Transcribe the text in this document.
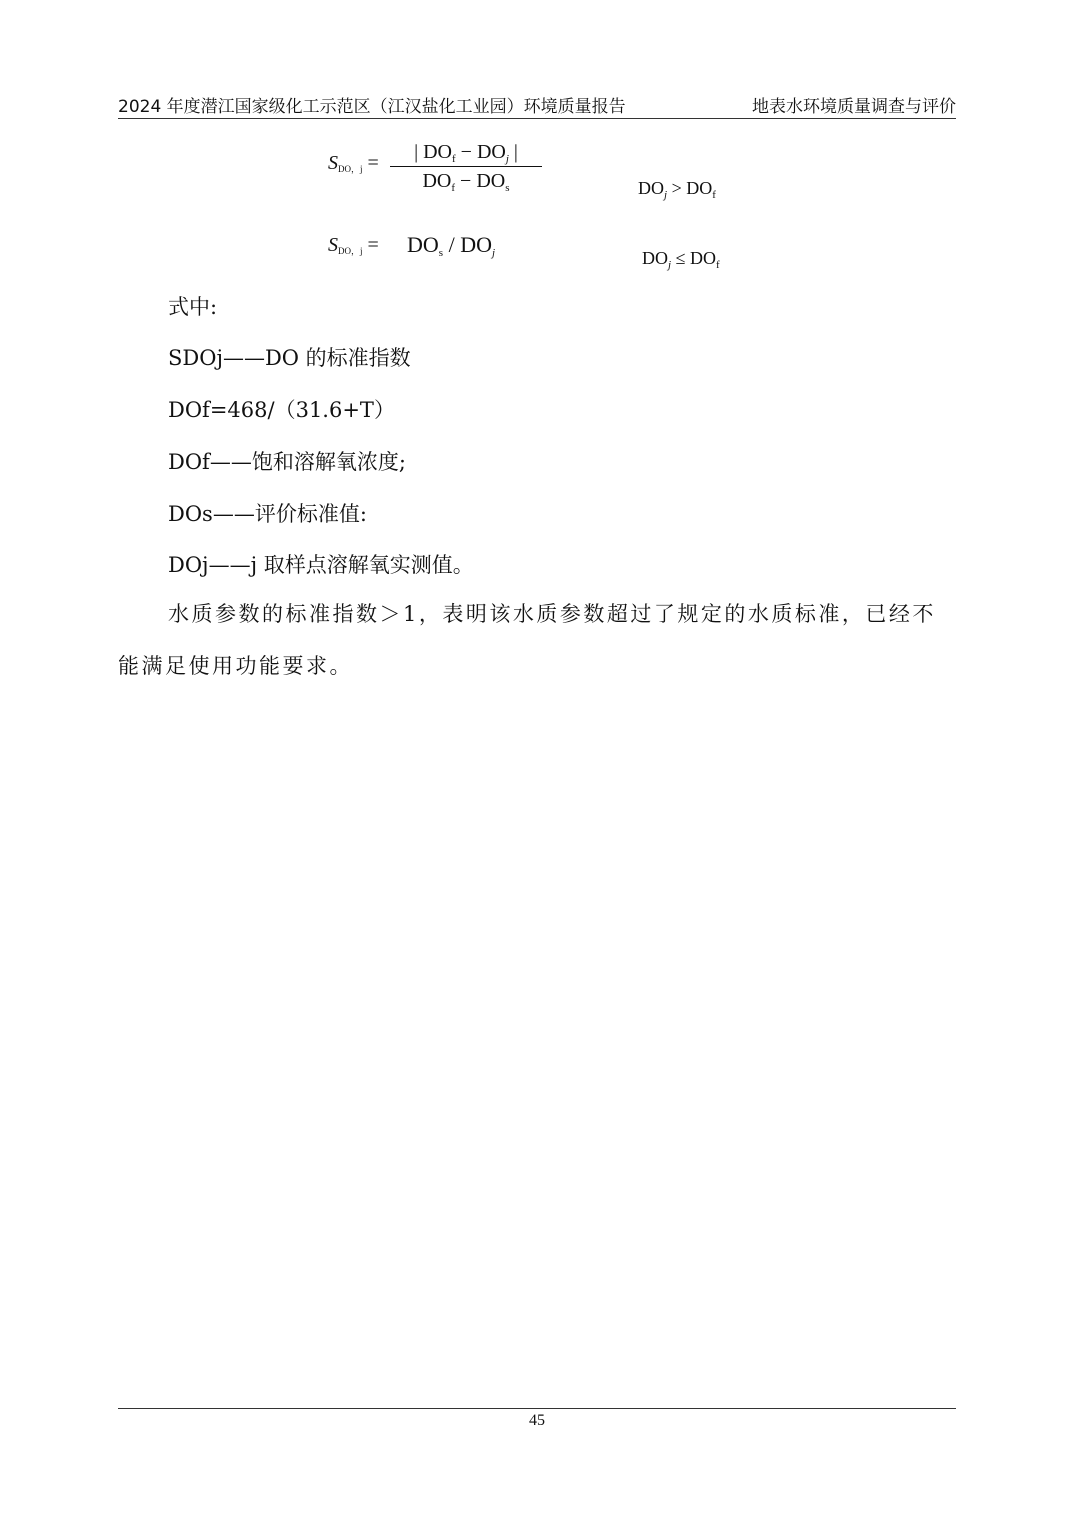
2024 年度潜江国家级化工示范区（江汉盐化工业园）环境质量报告	地表水环境质量调查与评价
SDO，j =	| $DO_f - DO_j$ |
$DO_f - DO_s$	$DO_j > DO_f$
SDO，$j = DO_s$ / DOj	$DO_j \le DO_f$
式中:
SDOj——DO 的标准指数
DOf=468/（31.6+T）
DOf——饱和溶解氧浓度;
DOs——评价标准值:
DOj——j 取样点溶解氧实测值。
水质参数的标准指数＞1，表明该水质参数超过了规定的水质标准，已经不能满足使用功能要求。
45
